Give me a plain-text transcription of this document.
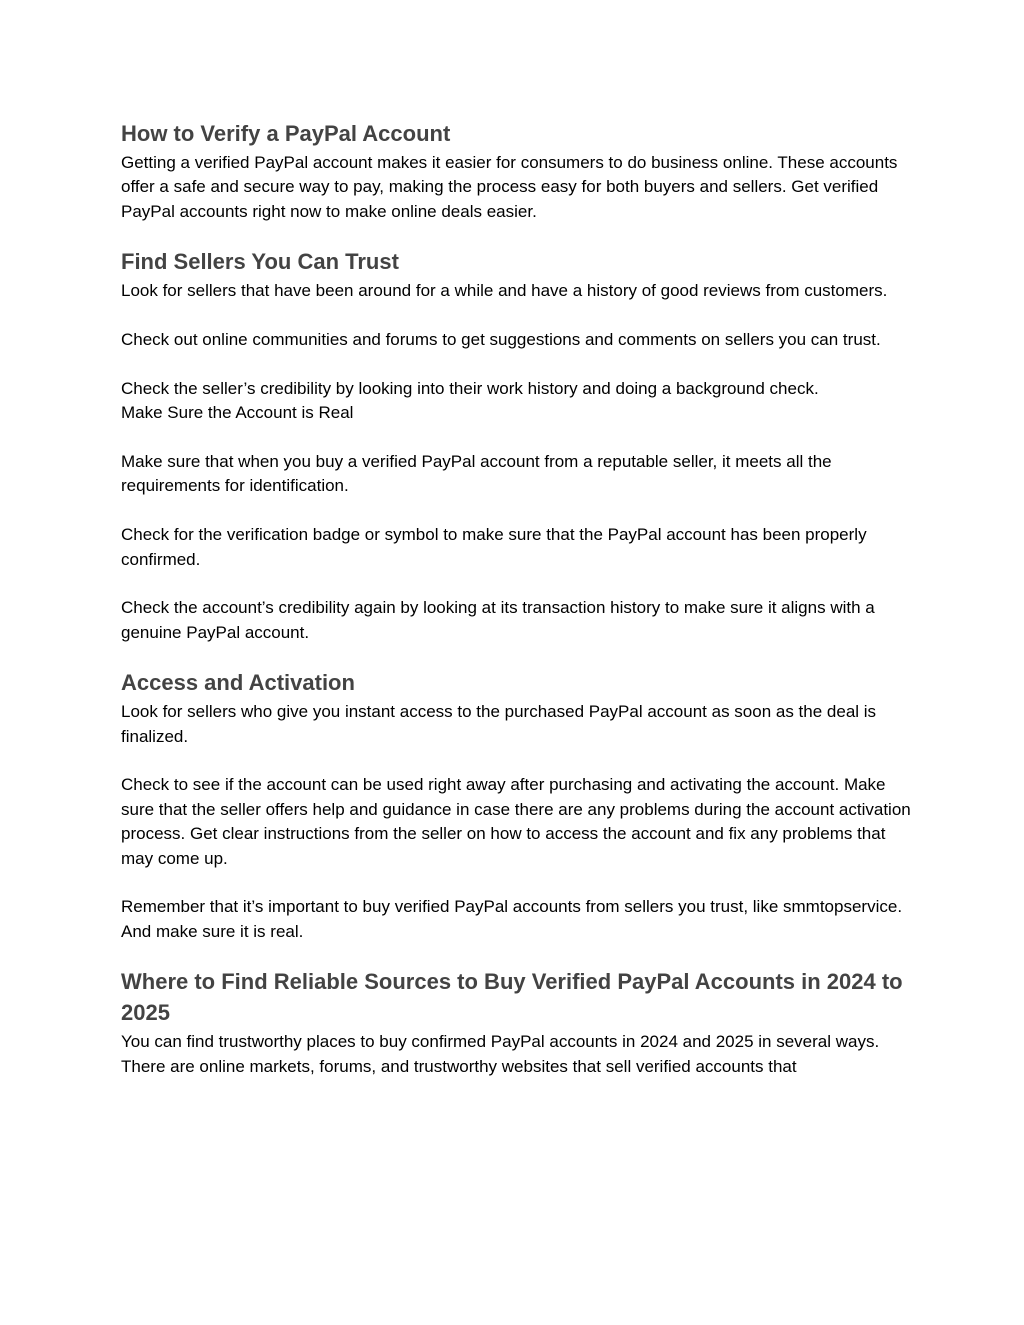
How to Verify a PayPal Account

Getting a verified PayPal account makes it easier for consumers to do business online. These accounts offer a safe and secure way to pay, making the process easy for both buyers and sellers. Get verified PayPal accounts right now to make online deals easier.

Find Sellers You Can Trust

Look for sellers that have been around for a while and have a history of good reviews from customers.

Check out online communities and forums to get suggestions and comments on sellers you can trust.

Check the seller’s credibility by looking into their work history and doing a background check.
Make Sure the Account is Real

Make sure that when you buy a verified PayPal account from a reputable seller, it meets all the requirements for identification.

Check for the verification badge or symbol to make sure that the PayPal account has been properly confirmed.

Check the account’s credibility again by looking at its transaction history to make sure it aligns with a genuine PayPal account.

Access and Activation

Look for sellers who give you instant access to the purchased PayPal account as soon as the deal is finalized.

Check to see if the account can be used right away after purchasing and activating the account. Make sure that the seller offers help and guidance in case there are any problems during the account activation process. Get clear instructions from the seller on how to access the account and fix any problems that may come up.

Remember that it’s important to buy verified PayPal accounts from sellers you trust, like smmtopservice. And make sure it is real.

Where to Find Reliable Sources to Buy Verified PayPal Accounts in 2024 to 2025

You can find trustworthy places to buy confirmed PayPal accounts in 2024 and 2025 in several ways. There are online markets, forums, and trustworthy websites that sell verified accounts that
